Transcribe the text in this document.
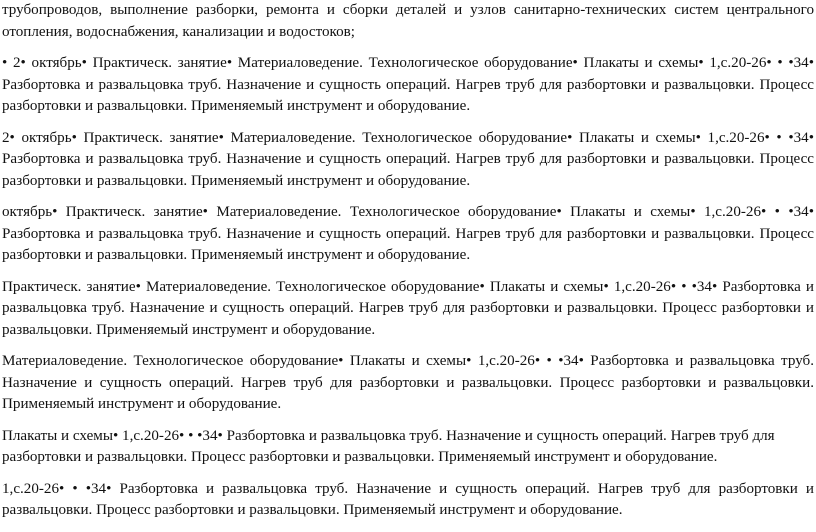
трубопроводов, выполнение разборки, ремонта и сборки деталей и узлов санитарно-технических систем центрального отопления, водоснабжения, канализации и водостоков;

• 2• октябрь• Практическ. занятие• Материаловедение. Технологическое оборудование• Плакаты и схемы• 1,с.20-26• • •34• Разбортовка и развальцовка труб. Назначение и сущность операций. Нагрев труб для разбортовки и развальцовки. Процесс разбортовки и развальцовки. Применяемый инструмент и оборудование.

2• октябрь• Практическ. занятие• Материаловедение. Технологическое оборудование• Плакаты и схемы• 1,с.20-26• • •34• Разбортовка и развальцовка труб. Назначение и сущность операций. Нагрев труб для разбортовки и развальцовки. Процесс разбортовки и развальцовки. Применяемый инструмент и оборудование.

октябрь• Практическ. занятие• Материаловедение. Технологическое оборудование• Плакаты и схемы• 1,с.20-26• • •34• Разбортовка и развальцовка труб. Назначение и сущность операций. Нагрев труб для разбортовки и развальцовки. Процесс разбортовки и развальцовки. Применяемый инструмент и оборудование.

Практическ. занятие• Материаловедение. Технологическое оборудование• Плакаты и схемы• 1,с.20-26• • •34• Разбортовка и развальцовка труб. Назначение и сущность операций. Нагрев труб для разбортовки и развальцовки. Процесс разбортовки и развальцовки. Применяемый инструмент и оборудование.

Материаловедение. Технологическое оборудование• Плакаты и схемы• 1,с.20-26• • •34• Разбортовка и развальцовка труб. Назначение и сущность операций. Нагрев труб для разбортовки и развальцовки. Процесс разбортовки и развальцовки. Применяемый инструмент и оборудование.

Плакаты и схемы• 1,с.20-26• • •34• Разбортовка и развальцовка труб. Назначение и сущность операций. Нагрев труб для разбортовки и развальцовки. Процесс разбортовки и развальцовки. Применяемый инструмент и оборудование.

1,с.20-26• • •34• Разбортовка и развальцовка труб. Назначение и сущность операций. Нагрев труб для разбортовки и развальцовки. Процесс разбортовки и развальцовки. Применяемый инструмент и оборудование.
